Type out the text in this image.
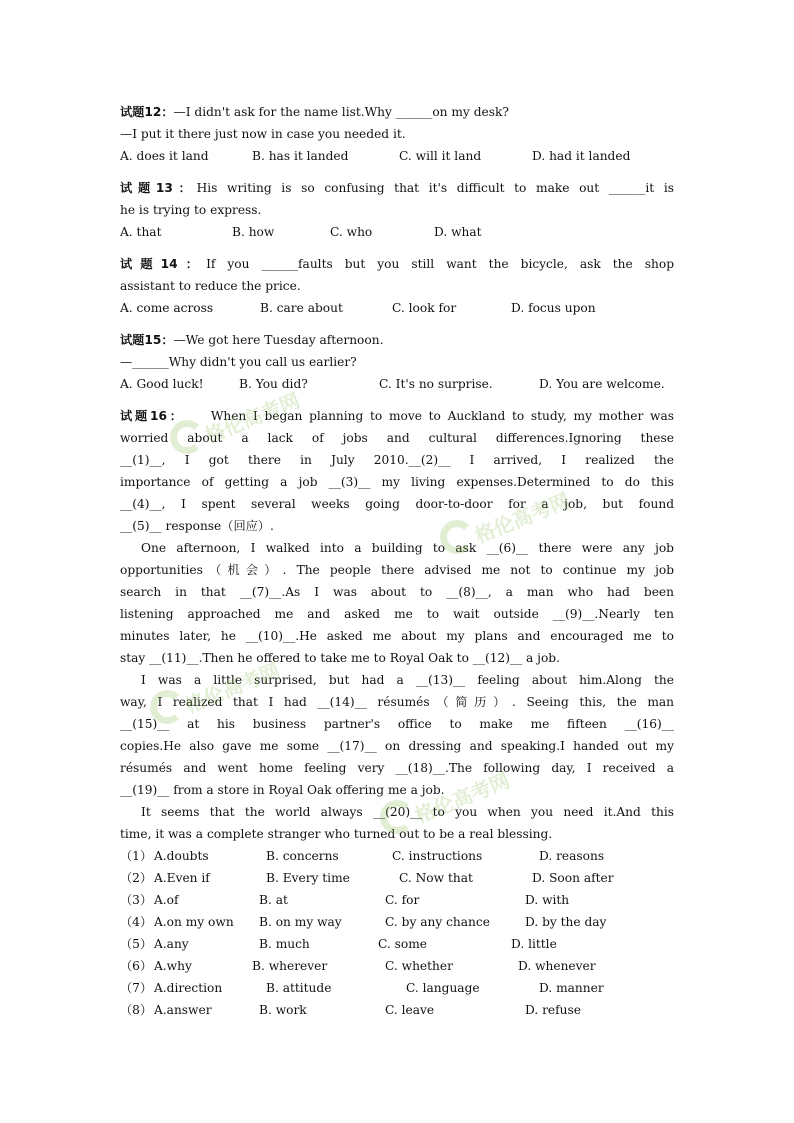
试题12：—I didn't ask for the name list.Why ______on my desk?
—I put it there just now in case you needed it.
A. does it land	B. has it landed	C. will it land	D. had it landed
试题13：His writing is so confusing that it's difficult to make out ______it is
he is trying to express.
A. that	B. how	C. who	D. what
试题14：If you ______faults but you still want the bicycle, ask the shop
assistant to reduce the price.
A. come across	B. care about	C. look for	D. focus upon
试题15：—We got here Tuesday afternoon.
—______Why didn't you call us earlier?
A. Good luck!	B. You did?	C. It's no surprise.	D. You are welcome.
试题16： When I began planning to move to Auckland to study, my mother was
worried about a lack of jobs and cultural differences.Ignoring these
__(1)__, I got there in July 2010.__(2)__ I arrived, I realized the
importance of getting a job __(3)__ my living expenses.Determined to do this
__(4)__, I spent several weeks going door-to-door for a job, but found
__(5)__ response（回应）.
One afternoon, I walked into a building to ask __(6)__ there were any job
opportunities（机会）. The people there advised me not to continue my job
search in that __(7)__.As I was about to __(8)__, a man who had been
listening approached me and asked me to wait outside __(9)__.Nearly ten
minutes later, he __(10)__.He asked me about my plans and encouraged me to
stay __(11)__.Then he offered to take me to Royal Oak to __(12)__ a job.
I was a little surprised, but had a __(13)__ feeling about him.Along the
way, I realized that I had __(14)__ résumés（简历）. Seeing this, the man
__(15)__ at his business partner's office to make me fifteen __(16)__
copies.He also gave me some __(17)__ on dressing and speaking.I handed out my
résumés and went home feeling very __(18)__.The following day, I received a
__(19)__ from a store in Royal Oak offering me a job.
It seems that the world always __(20)__ to you when you need it.And this
time, it was a complete stranger who turned out to be a real blessing.
（1） A.doubts	B. concerns	C. instructions	D. reasons
（2） A.Even if	B. Every time	C. Now that	D. Soon after
（3） A.of	B. at	C. for	D. with
（4） A.on my own B. on my way	C. by any chance	D. by the day
（5） A.any	B. much	C. some	D. little
（6） A.why	B. wherever	C. whether	D. whenever
（7） A.direction	B. attitude	C. language	D. manner
（8） A.answer	B. work	C. leave	D. refuse
格伦高考网
格伦高考网
格伦高考网
格伦高考网
